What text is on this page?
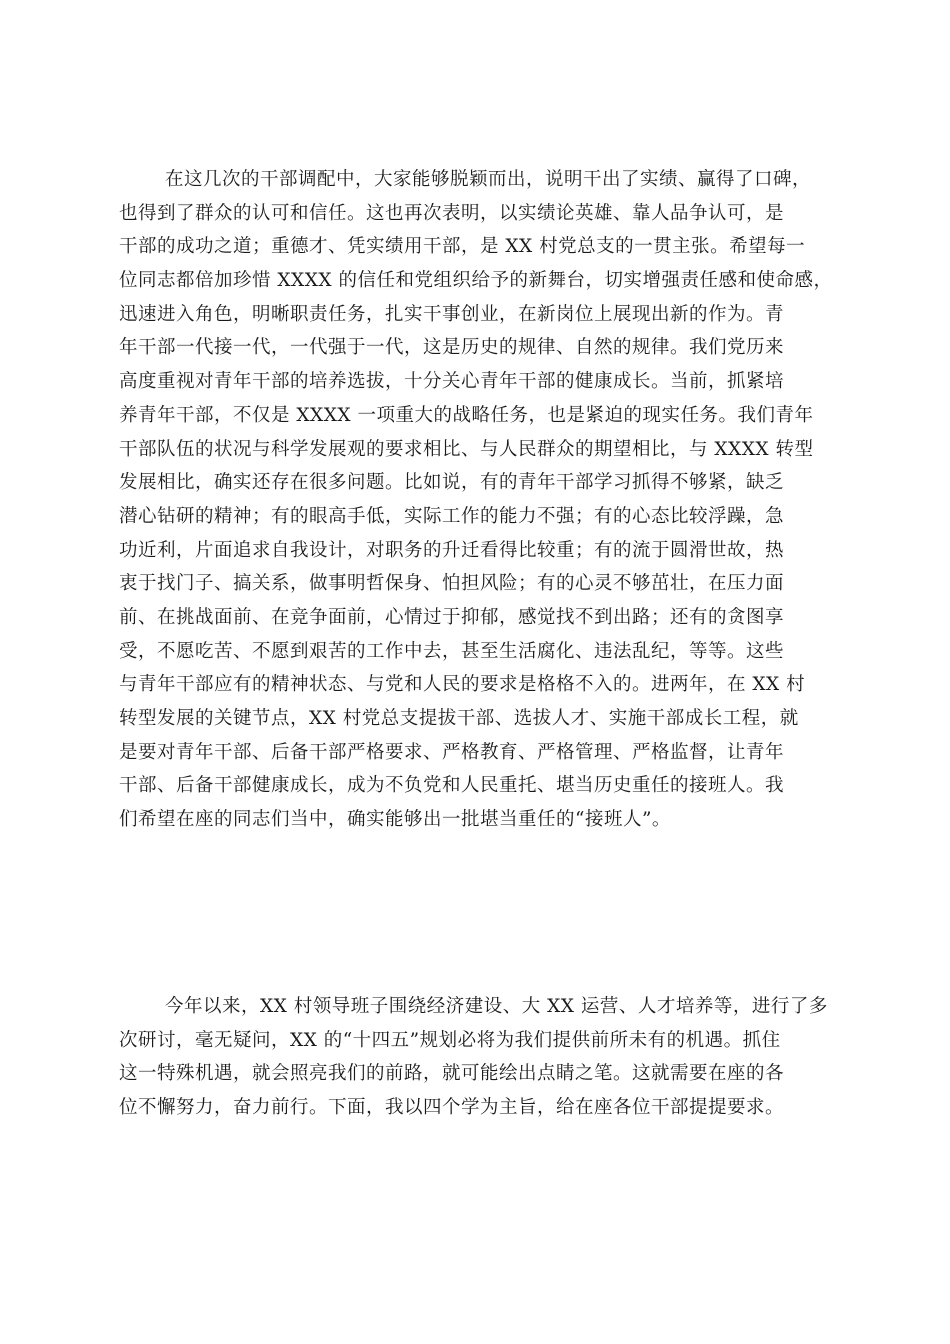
在这几次的干部调配中，大家能够脱颖而出，说明干出了实绩、赢得了口碑，
也得到了群众的认可和信任。这也再次表明，以实绩论英雄、靠人品争认可，是
干部的成功之道；重德才、凭实绩用干部，是 XX 村党总支的一贯主张。希望每一
位同志都倍加珍惜 XXXX 的信任和党组织给予的新舞台，切实增强责任感和使命感，
迅速进入角色，明晰职责任务，扎实干事创业，在新岗位上展现出新的作为。青
年干部一代接一代，一代强于一代，这是历史的规律、自然的规律。我们党历来
高度重视对青年干部的培养选拔，十分关心青年干部的健康成长。当前，抓紧培
养青年干部，不仅是 XXXX 一项重大的战略任务，也是紧迫的现实任务。我们青年
干部队伍的状况与科学发展观的要求相比、与人民群众的期望相比，与 XXXX 转型
发展相比，确实还存在很多问题。比如说，有的青年干部学习抓得不够紧，缺乏
潜心钻研的精神；有的眼高手低，实际工作的能力不强；有的心态比较浮躁，急
功近利，片面追求自我设计，对职务的升迁看得比较重；有的流于圆滑世故，热
衷于找门子、搞关系，做事明哲保身、怕担风险；有的心灵不够茁壮，在压力面
前、在挑战面前、在竞争面前，心情过于抑郁，感觉找不到出路；还有的贪图享
受，不愿吃苦、不愿到艰苦的工作中去，甚至生活腐化、违法乱纪，等等。这些
与青年干部应有的精神状态、与党和人民的要求是格格不入的。进两年，在 XX 村
转型发展的关键节点，XX 村党总支提拔干部、选拔人才、实施干部成长工程，就
是要对青年干部、后备干部严格要求、严格教育、严格管理、严格监督，让青年
干部、后备干部健康成长，成为不负党和人民重托、堪当历史重任的接班人。我
们希望在座的同志们当中，确实能够出一批堪当重任的“接班人”。
今年以来，XX 村领导班子围绕经济建设、大 XX 运营、人才培养等，进行了多
次研讨，毫无疑问，XX 的“十四五”规划必将为我们提供前所未有的机遇。抓住
这一特殊机遇，就会照亮我们的前路，就可能绘出点睛之笔。这就需要在座的各
位不懈努力，奋力前行。下面，我以四个学为主旨，给在座各位干部提提要求。
